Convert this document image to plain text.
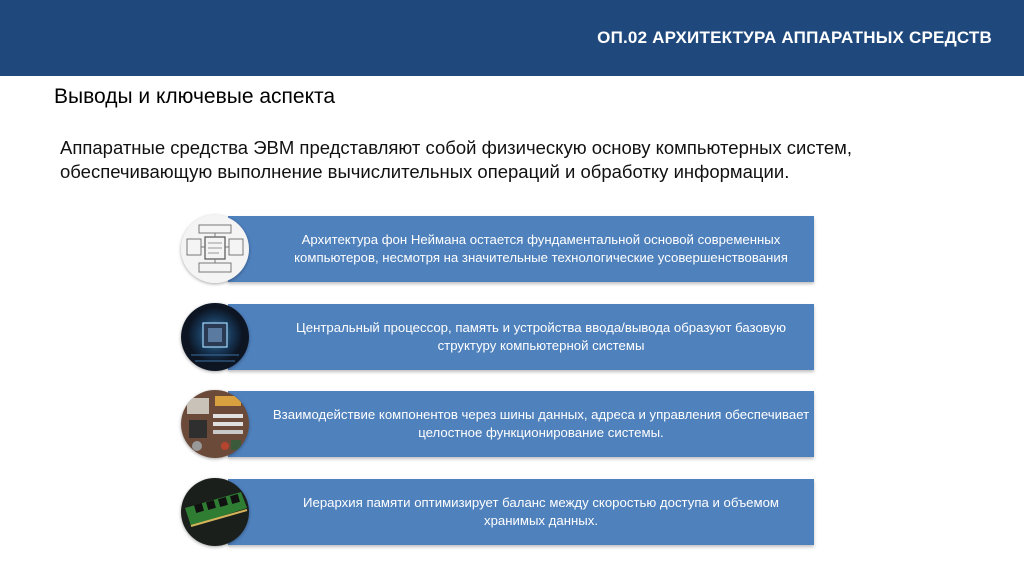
ОП.02 АРХИТЕКТУРА АППАРАТНЫХ СРЕДСТВ
Выводы и ключевые аспекта
Аппаратные средства ЭВМ представляют собой физическую основу компьютерных систем, обеспечивающую выполнение вычислительных операций и обработку информации.
Архитектура фон Неймана остается фундаментальной основой современных компьютеров, несмотря на значительные технологические усовершенствования
Центральный процессор, память и устройства ввода/вывода образуют базовую структуру компьютерной системы
Взаимодействие компонентов через шины данных, адреса и управления обеспечивает целостное функционирование системы.
Иерархия памяти оптимизирует баланс между скоростью доступа и объемом хранимых данных.
